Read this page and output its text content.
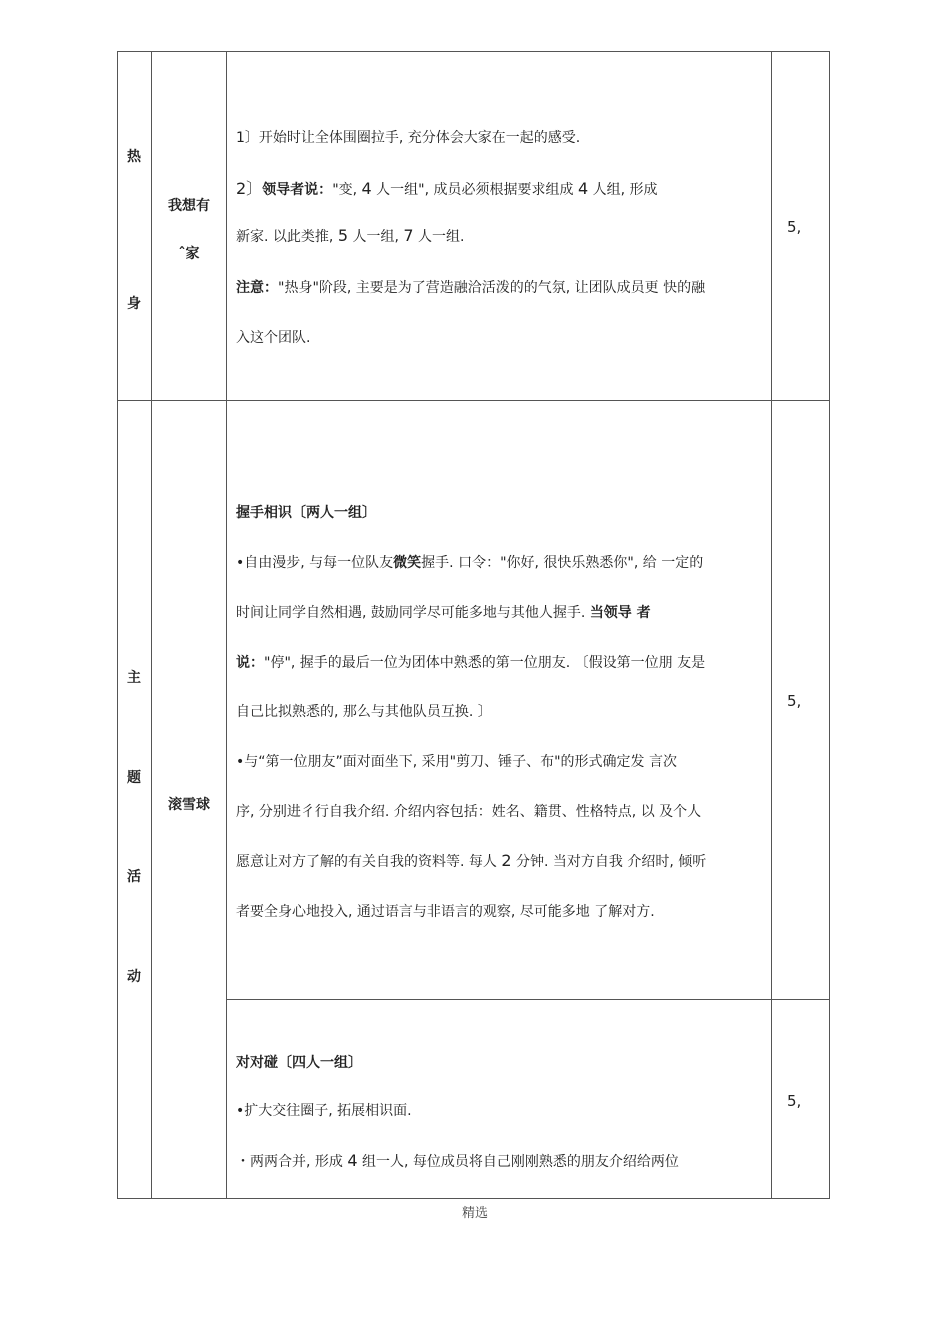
热
身
我想有
ˆ家
1〕开始时让全体围圈拉手, 充分体会大家在一起的感受.
2〕领导者说："变, 4 人一组", 成员必须根据要求组成 4 人组, 形成
新家. 以此类推, 5 人一组, 7 人一组.
注意："热身"阶段, 主要是为了营造融洽活泼的的气氛, 让团队成员更 快的融
入这个团队.
5,
主
题
活
动
滚雪球
握手相识〔两人一组〕
•自由漫步, 与每一位队友微笑握手. 口令："你好, 很快乐熟悉你", 给 一定的
时间让同学自然相遇, 鼓励同学尽可能多地与其他人握手. 当领导 者
说："停", 握手的最后一位为团体中熟悉的第一位朋友. 〔假设第一位朋 友是
自己比拟熟悉的, 那么与其他队员互换. 〕
•与“第一位朋友”面对面坐下, 采用"剪刀、锤子、布"的形式确定发 言次
序, 分别进彳行自我介绍. 介绍内容包括：姓名、籍贯、性格特点, 以 及个人
愿意让对方了解的有关自我的资料等. 每人 2 分钟. 当对方自我 介绍时, 倾听
者要全身心地投入, 通过语言与非语言的观察, 尽可能多地 了解对方.
5,
对对碰〔四人一组〕
•扩大交往圈子, 拓展相识面.
・两两合并, 形成 4 组一人, 每位成员将自己刚刚熟悉的朋友介绍给两位
5,
精选
